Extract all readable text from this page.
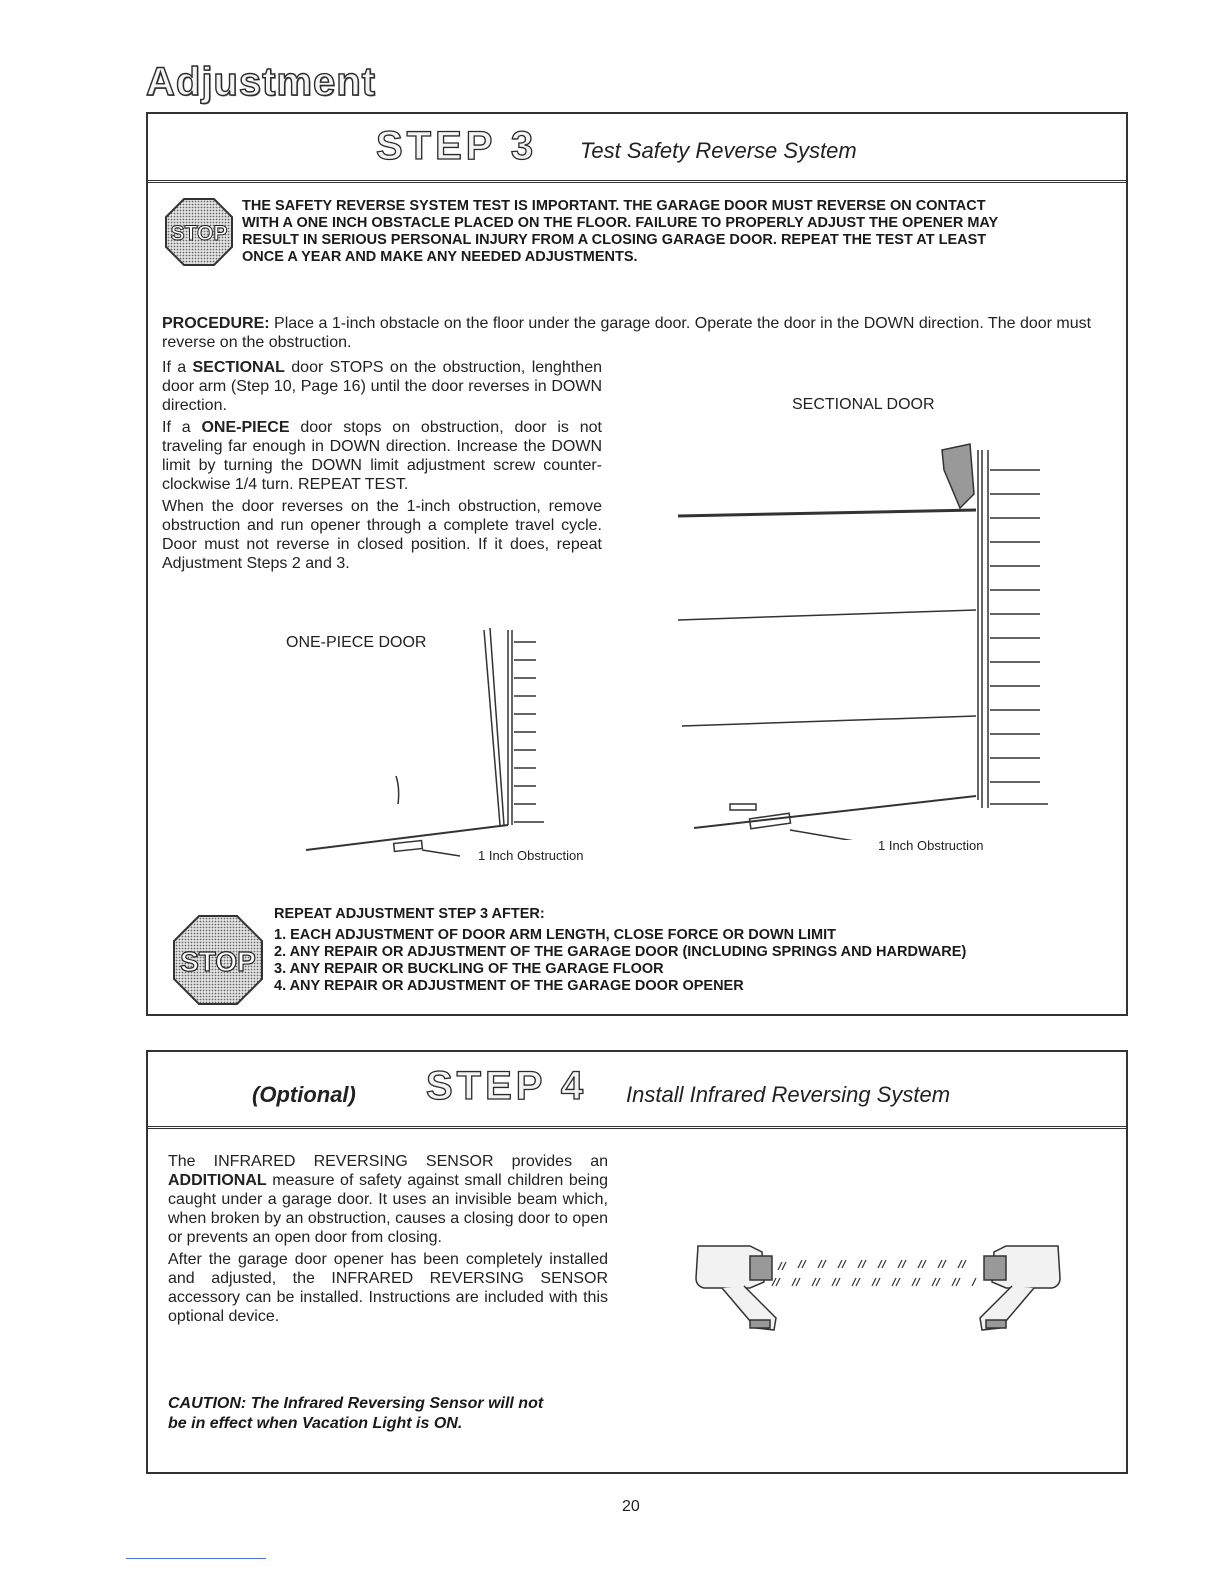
Adjustment
STEP 3 Test Safety Reverse System
STOP
THE SAFETY REVERSE SYSTEM TEST IS IMPORTANT. THE GARAGE DOOR MUST REVERSE ON CONTACT
WITH A ONE INCH OBSTACLE PLACED ON THE FLOOR. FAILURE TO PROPERLY ADJUST THE OPENER MAY
RESULT IN SERIOUS PERSONAL INJURY FROM A CLOSING GARAGE DOOR. REPEAT THE TEST AT LEAST
ONCE A YEAR AND MAKE ANY NEEDED ADJUSTMENTS.
PROCEDURE: Place a 1-inch obstacle on the floor under the garage door. Operate the door in the DOWN direction. The door must reverse on the obstruction.

If a SECTIONAL door STOPS on the obstruction, lenghthen door arm (Step 10, Page 16) until the door reverses in DOWN direction.

If a ONE-PIECE door stops on obstruction, door is not traveling far enough in DOWN direction. Increase the DOWN limit by turning the DOWN limit adjustment screw counter-clockwise 1/4 turn. REPEAT TEST.

When the door reverses on the 1-inch obstruction, remove obstruction and run opener through a complete travel cycle. Door must not reverse in closed position. If it does, repeat Adjustment Steps 2 and 3.

SECTIONAL DOOR
ONE-PIECE DOOR
1 Inch Obstruction
1 Inch Obstruction
STOP
REPEAT ADJUSTMENT STEP 3 AFTER:
1. EACH ADJUSTMENT OF DOOR ARM LENGTH, CLOSE FORCE OR DOWN LIMIT
2. ANY REPAIR OR ADJUSTMENT OF THE GARAGE DOOR (INCLUDING SPRINGS AND HARDWARE)
3. ANY REPAIR OR BUCKLING OF THE GARAGE FLOOR
4. ANY REPAIR OR ADJUSTMENT OF THE GARAGE DOOR OPENER
(Optional) STEP 4 Install Infrared Reversing System

The INFRARED REVERSING SENSOR provides an ADDITIONAL measure of safety against small children being caught under a garage door. It uses an invisible beam which, when broken by an obstruction, causes a closing door to open or prevents an open door from closing.

After the garage door opener has been completely installed and adjusted, the INFRARED REVERSING SENSOR accessory can be installed. Instructions are included with this optional device.

CAUTION: The Infrared Reversing Sensor will not
be in effect when Vacation Light is ON.
20
